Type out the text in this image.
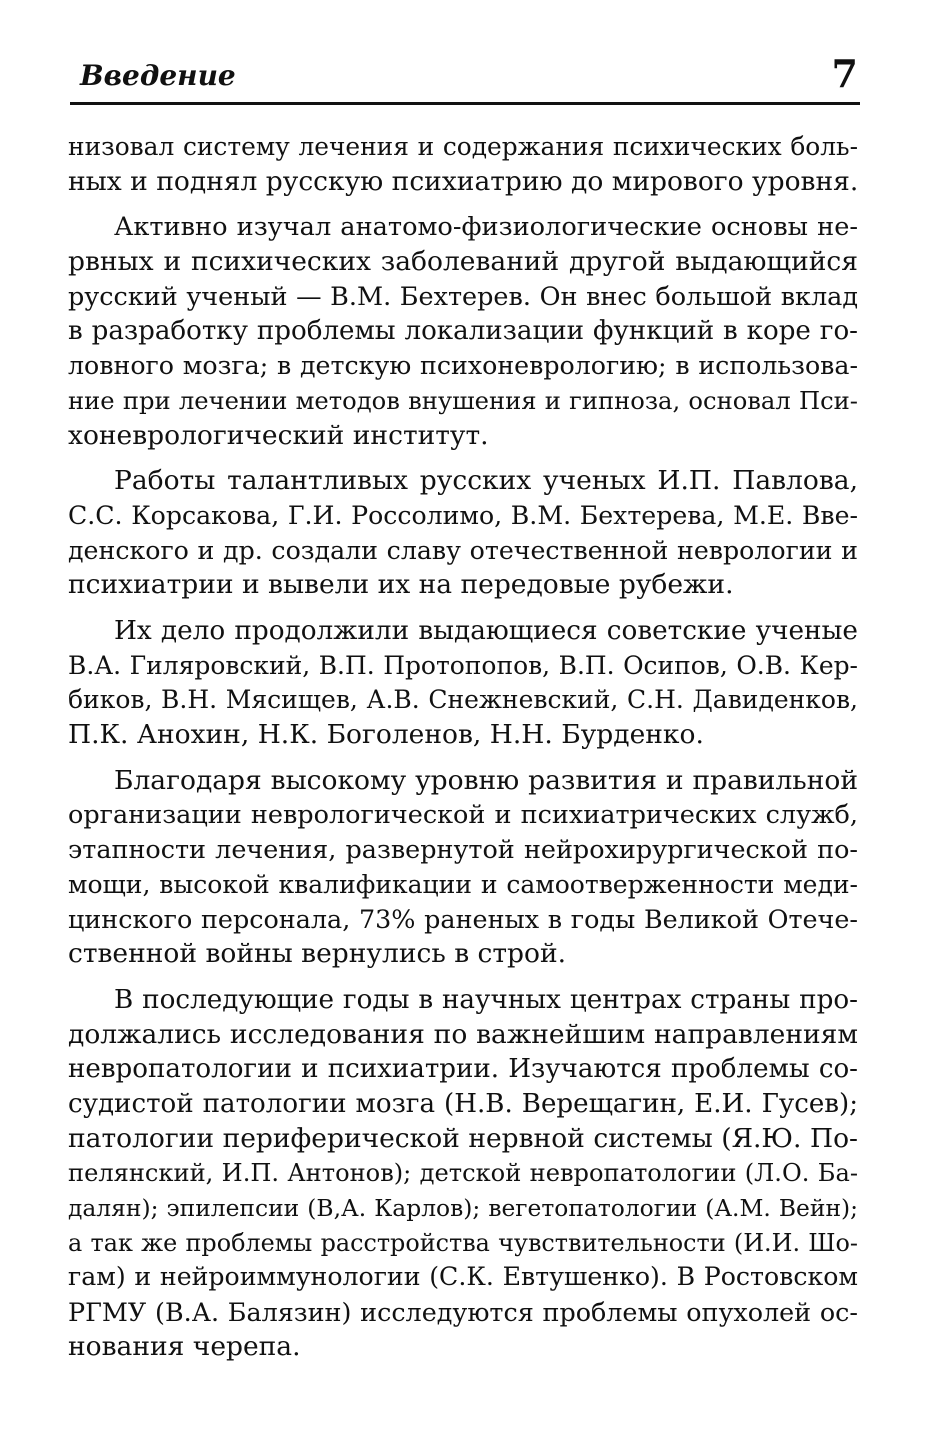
Введение	7
низовал систему лечения и содержания психических боль-
ных и поднял русскую психиатрию до мирового уровня.
Активно изучал анатомо-физиологические основы не-
рвных и психических заболеваний другой выдающийся
русский ученый — В.М. Бехтерев. Он внес большой вклад
в разработку проблемы локализации функций в коре го-
ловного мозга; в детскую психоневрологию; в использова-
ние при лечении методов внушения и гипноза, основал Пси-
хоневрологический институт.
Работы талантливых русских ученых И.П. Павлова,
С.С. Корсакова, Г.И. Россолимо, В.М. Бехтерева, М.Е. Вве-
денского и др. создали славу отечественной неврологии и
психиатрии и вывели их на передовые рубежи.
Их дело продолжили выдающиеся советские ученые
В.А. Гиляровский, В.П. Протопопов, В.П. Осипов, О.В. Кер-
биков, В.Н. Мясищев, А.В. Снежневский, С.Н. Давиденков,
П.К. Анохин, Н.К. Боголенов, Н.Н. Бурденко.
Благодаря высокому уровню развития и правильной
организации неврологической и психиатрических служб,
этапности лечения, развернутой нейрохирургической по-
мощи, высокой квалификации и самоотверженности меди-
цинского персонала, 73% раненых в годы Великой Отече-
ственной войны вернулись в строй.
В последующие годы в научных центрах страны про-
должались исследования по важнейшим направлениям
невропатологии и психиатрии. Изучаются проблемы со-
судистой патологии мозга (Н.В. Верещагин, Е.И. Гусев);
патологии периферической нервной системы (Я.Ю. По-
пелянский, И.П. Антонов); детской невропатологии (Л.О. Ба-
далян); эпилепсии (В,А. Карлов); вегетопатологии (А.М. Вейн);
а так же проблемы расстройства чувствительности (И.И. Шо-
гам) и нейроиммунологии (С.К. Евтушенко). В Ростовском
РГМУ (В.А. Балязин) исследуются проблемы опухолей ос-
нования черепа.
